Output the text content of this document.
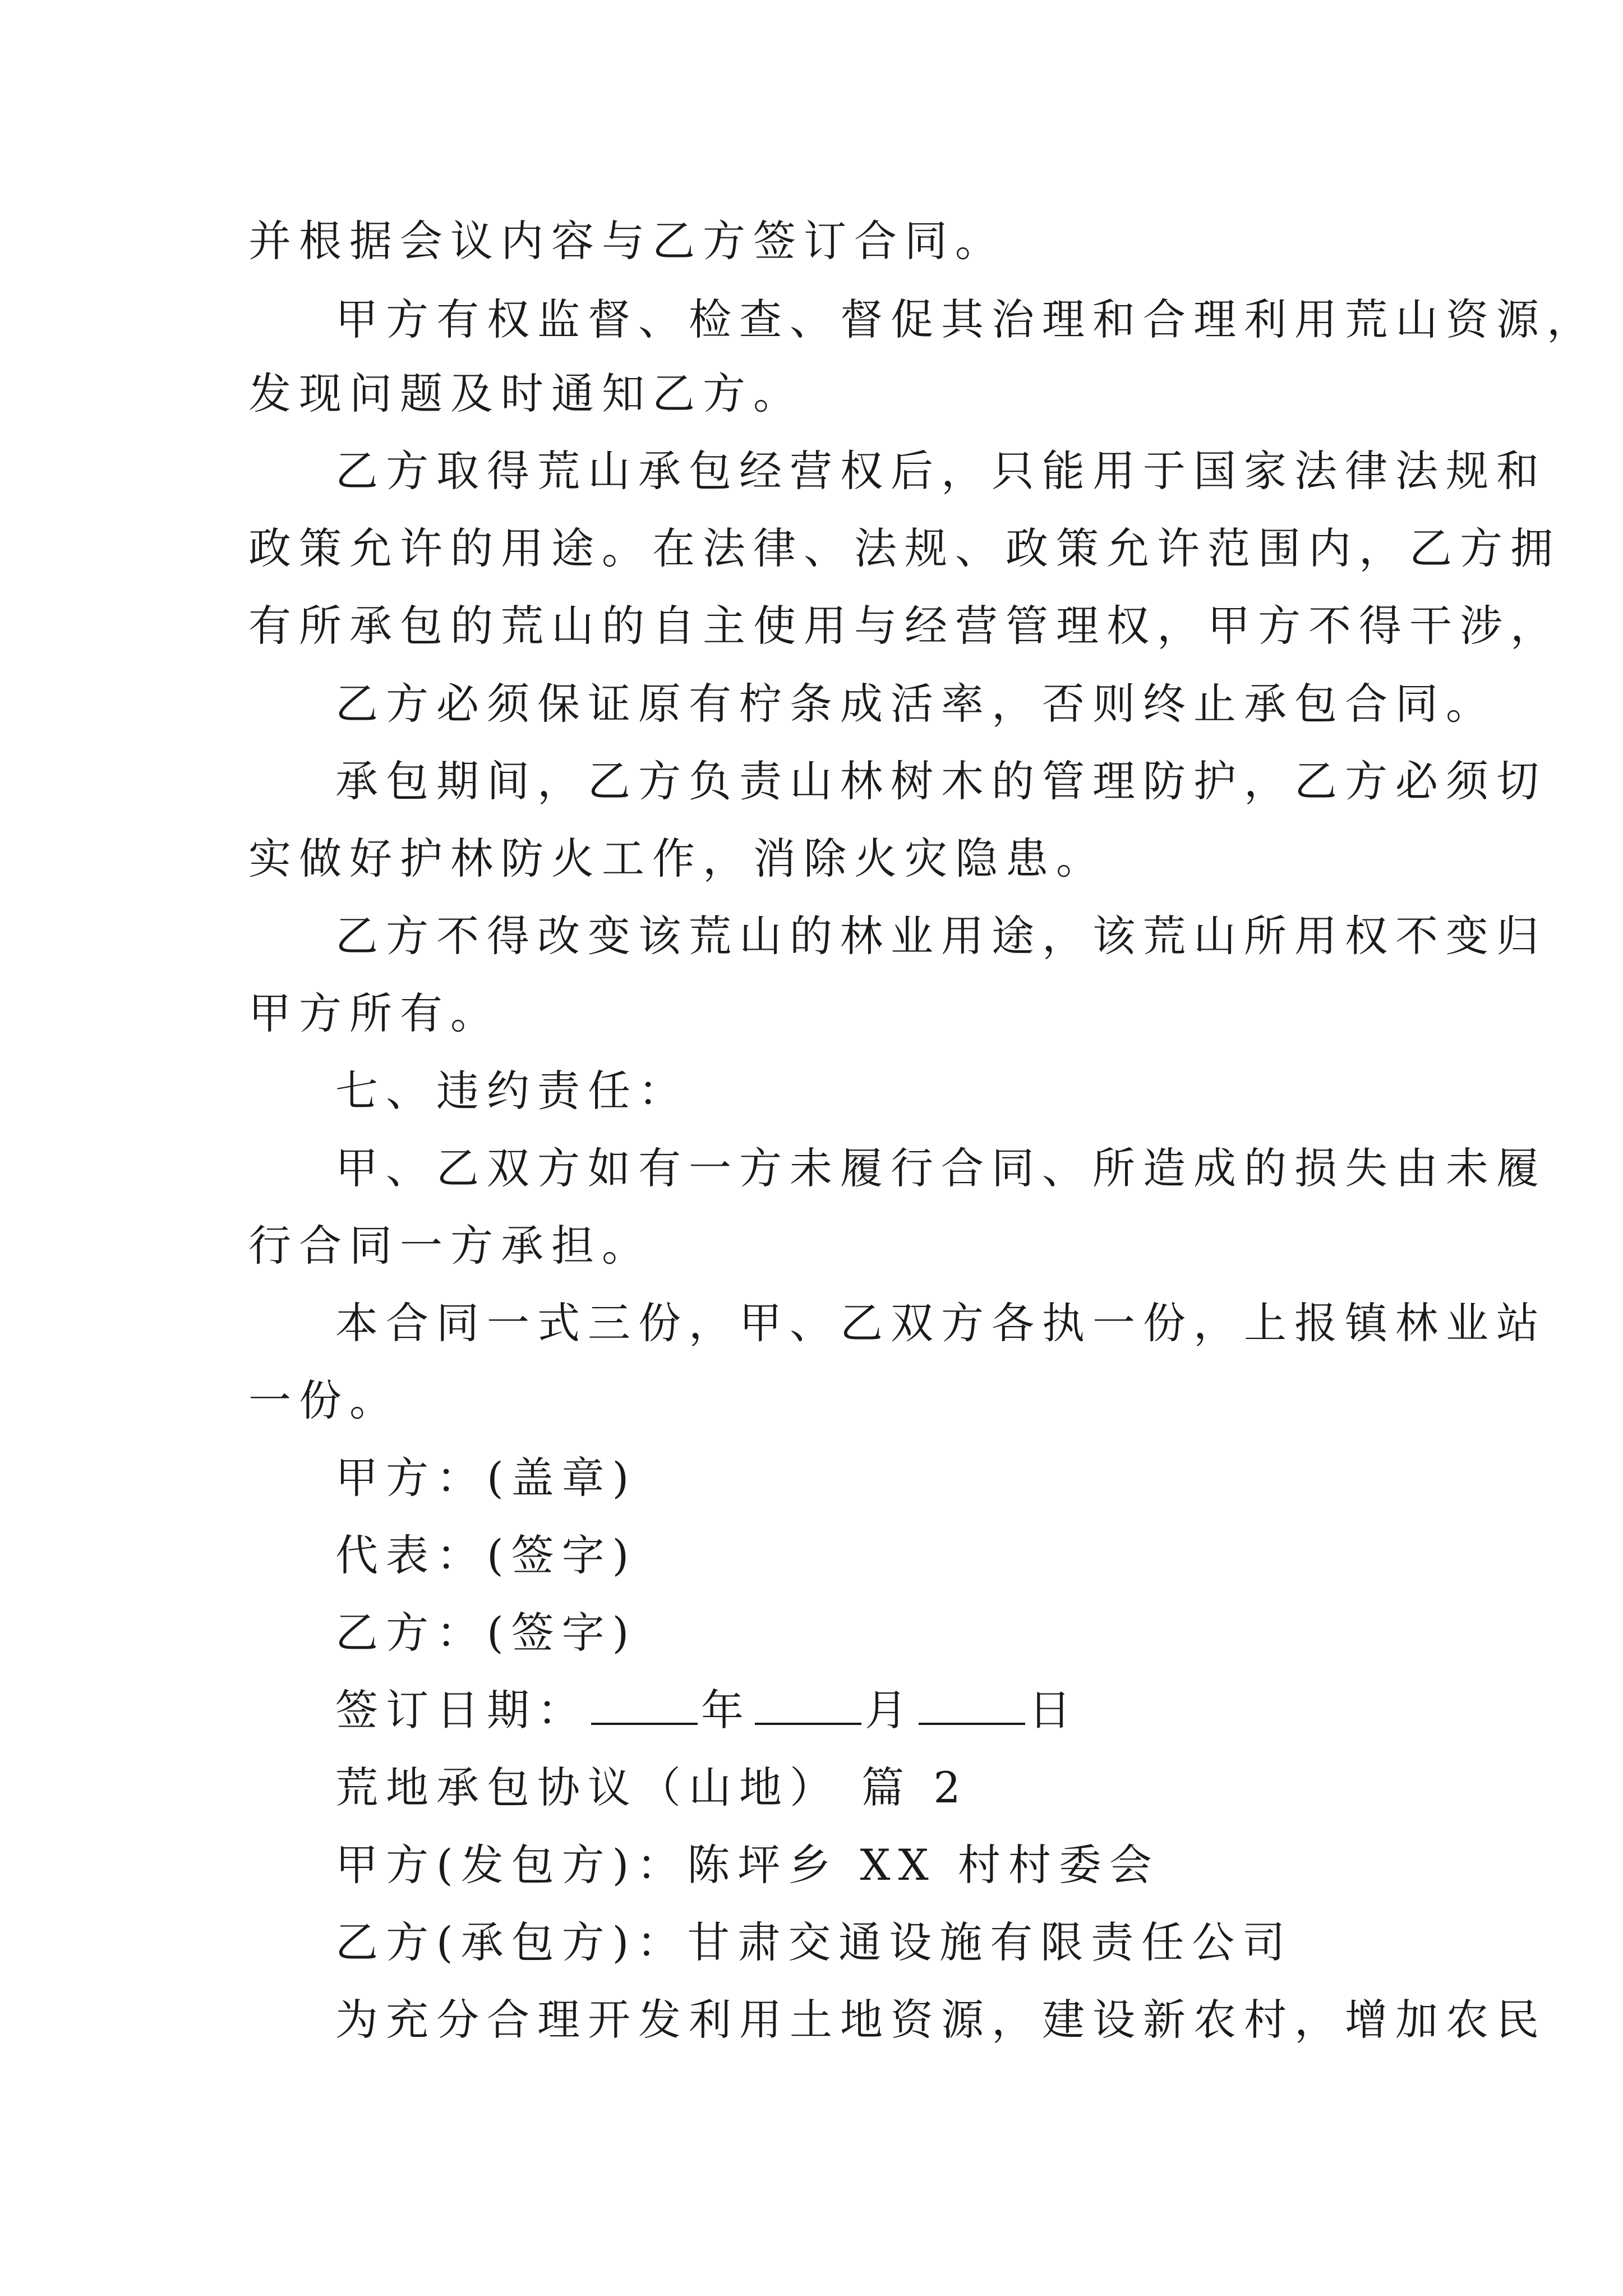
并根据会议内容与乙方签订合同。
甲方有权监督、检查、督促其治理和合理利用荒山资源，
发现问题及时通知乙方。
乙方取得荒山承包经营权后，只能用于国家法律法规和
政策允许的用途。在法律、法规、政策允许范围内，乙方拥
有所承包的荒山的自主使用与经营管理权，甲方不得干涉，
乙方必须保证原有柠条成活率，否则终止承包合同。
承包期间，乙方负责山林树木的管理防护，乙方必须切
实做好护林防火工作，消除火灾隐患。
乙方不得改变该荒山的林业用途，该荒山所用权不变归
甲方所有。
七、违约责任：
甲、乙双方如有一方未履行合同、所造成的损失由未履
行合同一方承担。
本合同一式三份，甲、乙双方各执一份，上报镇林业站
一份。
甲方：(盖章)
代表：(签字)
乙方：(签字)
签订日期：	年	月	日
荒地承包协议（山地） 篇 2
甲方(发包方)：陈坪乡 XX 村村委会
乙方(承包方)：甘肃交通设施有限责任公司
为充分合理开发利用土地资源，建设新农村，增加农民
